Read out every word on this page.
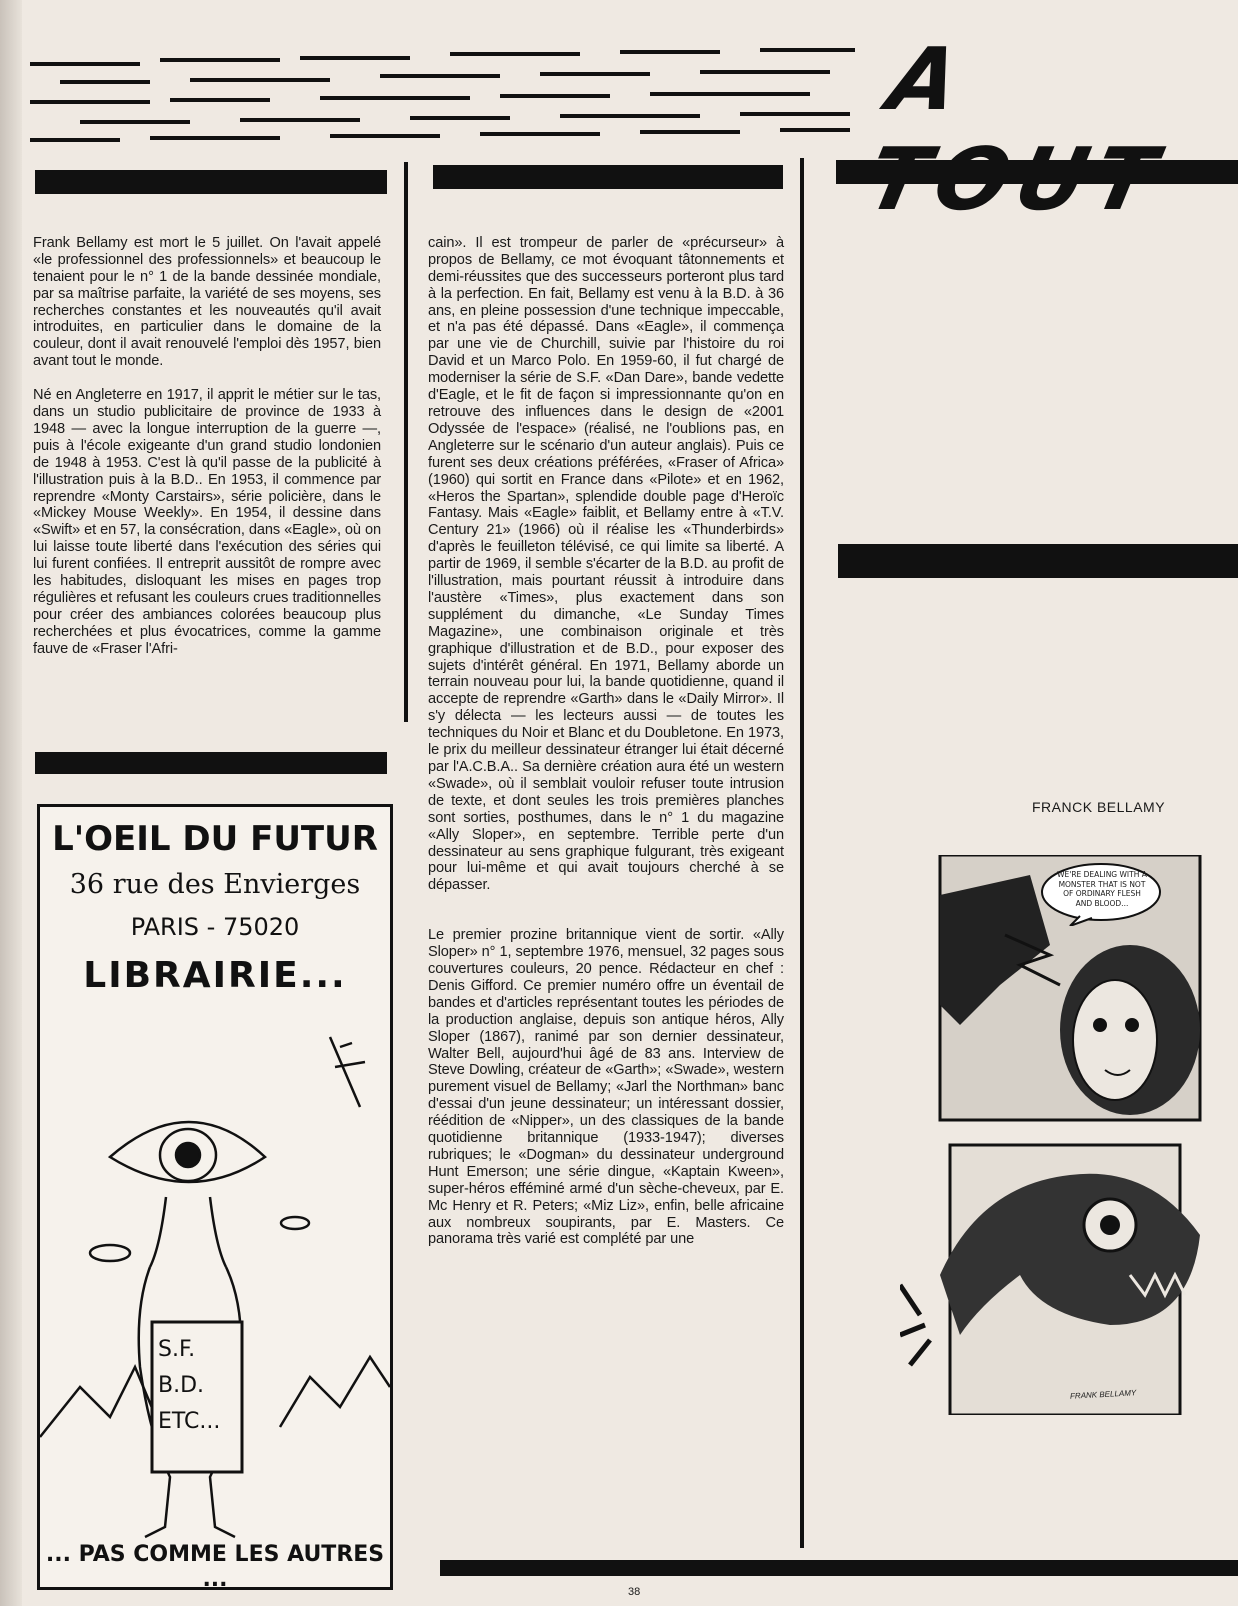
A

Frank Bellamy est mort le 5 juillet. On l'avait appelé «le professionnel des professionnels» et beaucoup le tenaient pour le n° 1 de la bande dessinée mondiale, par sa maîtrise parfaite, la variété de ses moyens, ses recherches constantes et les nouveautés qu'il avait introduites, en particulier dans le domaine de la couleur, dont il avait renouvelé l'emploi dès 1957, bien avant tout le monde.

Né en Angleterre en 1917, il apprit le métier sur le tas, dans un studio publicitaire de province de 1933 à 1948 — avec la longue interruption de la guerre —, puis à l'école exigeante d'un grand studio londonien de 1948 à 1953. C'est là qu'il passe de la publicité à l'illustration puis à la B.D.. En 1953, il commence par reprendre «Monty Carstairs», série policière, dans le «Mickey Mouse Weekly». En 1954, il dessine dans «Swift» et en 57, la consécration, dans «Eagle», où on lui laisse toute liberté dans l'exécution des séries qui lui furent confiées. Il entreprit aussitôt de rompre avec les habitudes, disloquant les mises en pages trop régulières et refusant les couleurs crues traditionnelles pour créer des ambiances colorées beaucoup plus recherchées et plus évocatrices, comme la gamme fauve de «Fraser l'Afri-

cain». Il est trompeur de parler de «précurseur» à propos de Bellamy, ce mot évoquant tâtonnements et demi-réussites que des successeurs porteront plus tard à la perfection. En fait, Bellamy est venu à la B.D. à 36 ans, en pleine possession d'une technique impeccable, et n'a pas été dépassé. Dans «Eagle», il commença par une vie de Churchill, suivie par l'histoire du roi David et un Marco Polo. En 1959-60, il fut chargé de moderniser la série de S.F. «Dan Dare», bande vedette d'Eagle, et le fit de façon si impressionnante qu'on en retrouve des influences dans le design de «2001 Odyssée de l'espace» (réalisé, ne l'oublions pas, en Angleterre sur le scénario d'un auteur anglais). Puis ce furent ses deux créations préférées, «Fraser of Africa» (1960) qui sortit en France dans «Pilote» et en 1962, «Heros the Spartan», splendide double page d'Heroïc Fantasy. Mais «Eagle» faiblit, et Bellamy entre à «T.V. Century 21» (1966) où il réalise les «Thunderbirds» d'après le feuilleton télévisé, ce qui limite sa liberté. A partir de 1969, il semble s'écarter de la B.D. au profit de l'illustration, mais pourtant réussit à introduire dans l'austère «Times», plus exactement dans son supplément du dimanche, «Le Sunday Times Magazine», une combinaison originale et très graphique d'illustration et de B.D., pour exposer des sujets d'intérêt général. En 1971, Bellamy aborde un terrain nouveau pour lui, la bande quotidienne, quand il accepte de reprendre «Garth» dans le «Daily Mirror». Il s'y délecta — les lecteurs aussi — de toutes les techniques du Noir et Blanc et du Doubletone. En 1973, le prix du meilleur dessinateur étranger lui était décerné par l'A.C.B.A.. Sa dernière création aura été un western «Swade», où il semblait vouloir refuser toute intrusion de texte, et dont seules les trois premières planches sont sorties, posthumes, dans le n° 1 du magazine «Ally Sloper», en septembre. Terrible perte d'un dessinateur au sens graphique fulgurant, très exigeant pour lui-même et qui avait toujours cherché à se dépasser.

Le premier prozine britannique vient de sortir. «Ally Sloper» n° 1, septembre 1976, mensuel, 32 pages sous couvertures couleurs, 20 pence. Rédacteur en chef : Denis Gifford. Ce premier numéro offre un éventail de bandes et d'articles représentant toutes les périodes de la production anglaise, depuis son antique héros, Ally Sloper (1867), ranimé par son dernier dessinateur, Walter Bell, aujourd'hui âgé de 83 ans. Interview de Steve Dowling, créateur de «Garth»; «Swade», western purement visuel de Bellamy; «Jarl the Northman» banc d'essai d'un jeune dessinateur; un intéressant dossier, réédition de «Nipper», un des classiques de la bande quotidienne britannique (1933-1947); diverses rubriques; le «Dogman» du dessinateur underground Hunt Emerson; une série dingue, «Kaptain Kween», super-héros efféminé armé d'un sèche-cheveux, par E. Mc Henry et R. Peters; «Miz Liz», enfin, belle africaine aux nombreux soupirants, par E. Masters. Ce panorama très varié est complété par une

L'OEIL DU FUTUR
36 rue des Envierges
PARIS - 75020
LIBRAIRIE...
S.F. B.D. ETC...
... PAS COMME LES AUTRES ...
FRANCK BELLAMY
WE'RE DEALING WITH A MONSTER THAT IS NOT OF ORDINARY FLESH AND BLOOD...
FRANK BELLAMY
38
